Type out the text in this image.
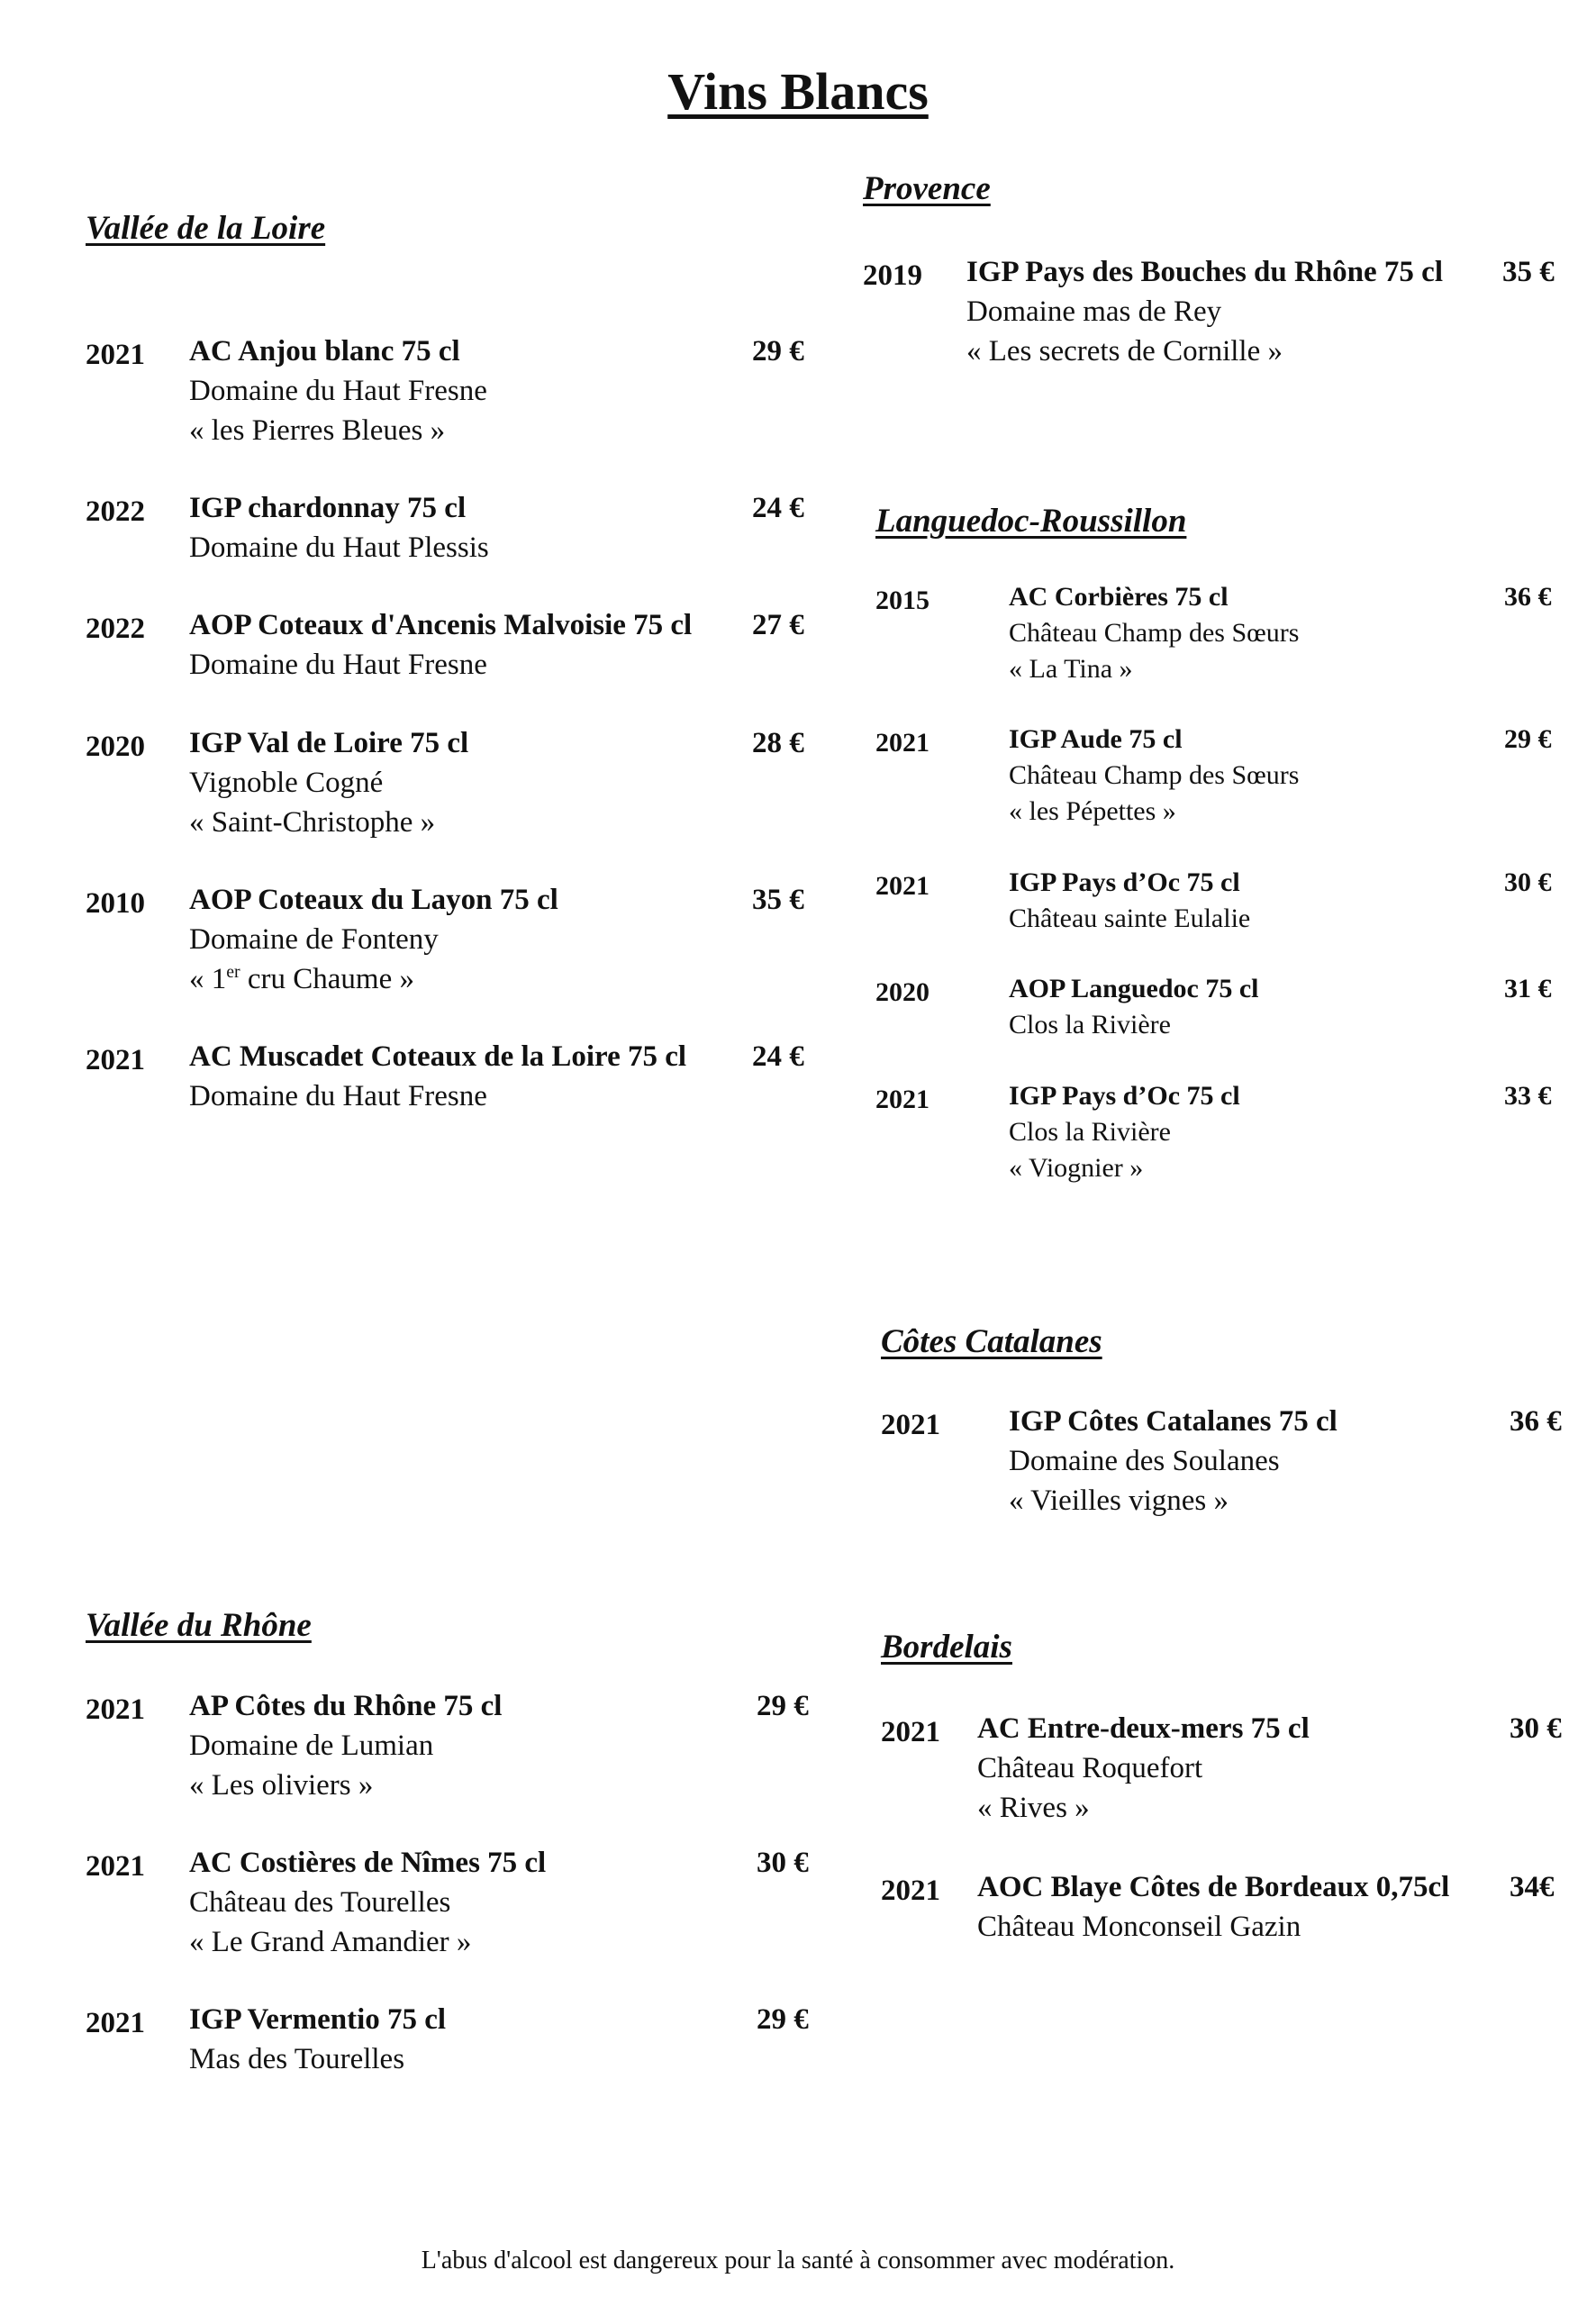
Vins Blancs
Vallée de la Loire
2021 AC Anjou blanc 75 cl
Domaine du Haut Fresne
« les Pierres Bleues »
29 €
2022 IGP chardonnay 75 cl
Domaine du Haut Plessis
24 €
2022 AOP Coteaux d'Ancenis Malvoisie 75 cl
Domaine du Haut Fresne
27 €
2020 IGP Val de Loire 75 cl
Vignoble Cogné
« Saint-Christophe »
28 €
2010 AOP Coteaux du Layon 75 cl
Domaine de Fonteny
« 1er cru Chaume »
35 €
2021 AC Muscadet Coteaux de la Loire 75 cl
Domaine du Haut Fresne
24 €
Provence
2019 IGP Pays des Bouches du Rhône 75 cl
Domaine mas de Rey
« Les secrets de Cornille »
35 €
Languedoc-Roussillon
2015	AC Corbières 75 cl
Château Champ des Sœurs
« La Tina »
36 €
2021	IGP Aude 75 cl
Château Champ des Sœurs
« les Pépettes »
29 €
2021	IGP Pays d’Oc 75 cl
Château sainte Eulalie
30 €
2020	AOP Languedoc 75 cl
Clos la Rivière
31 €
2021	IGP Pays d’Oc 75 cl
Clos la Rivière
« Viognier »
33 €
Côtes Catalanes
2021 IGP Côtes Catalanes 75 cl
Domaine des Soulanes
« Vieilles vignes »
36 €
Vallée du Rhône
2021 AP Côtes du Rhône 75 cl
Domaine de Lumian
« Les oliviers »
29 €
2021 AC Costières de Nîmes 75 cl
Château des Tourelles
« Le Grand Amandier »
30 €
2021 IGP Vermentio 75 cl
Mas des Tourelles
29 €
Bordelais
2021 AC Entre-deux-mers 75 cl
Château Roquefort
« Rives »
30 €
2021 AOC Blaye Côtes de Bordeaux 0,75cl
Château Monconseil Gazin
34€
L'abus d'alcool est dangereux pour la santé à consommer avec modération.
